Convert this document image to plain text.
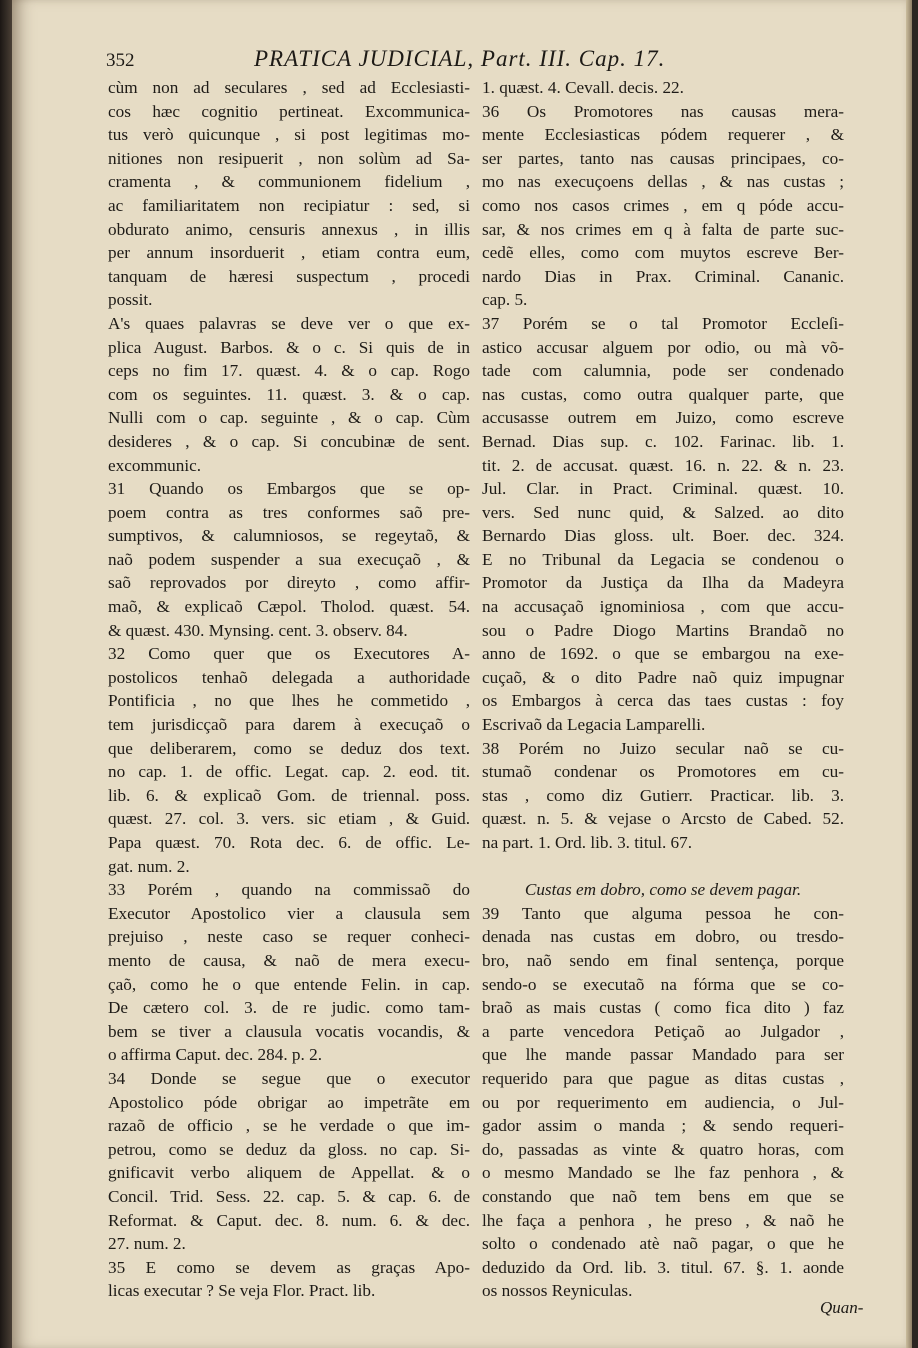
352	PRATICA JUDICIAL, Part. III. Cap. 17.
cùm non ad seculares , sed ad Ecclesiasti-
cos hæc cognitio pertineat. Excommunica-
tus verò quicunque , si post legitimas mo-
nitiones non resipuerit , non solùm ad Sa-
cramenta , & communionem fidelium ,
ac familiaritatem non recipiatur : sed, si
obdurato animo, censuris annexus , in illis
per annum insorduerit , etiam contra eum,
tanquam de hæresi suspectum , procedi
possit.
A's quaes palavras se deve ver o que ex-
plica August. Barbos. & o c. Si quis de in
ceps no fim 17. quæst. 4. & o cap. Rogo
com os seguintes. 11. quæst. 3. & o cap.
Nulli com o cap. seguinte , & o cap. Cùm
desideres , & o cap. Si concubinæ de sent.
excommunic.
31 Quando os Embargos que se op-
poem contra as tres conformes saõ pre-
sumptivos, & calumniosos, se regeytaõ, &
naõ podem suspender a sua execuçaõ , &
saõ reprovados por direyto , como affir-
maõ, & explicaõ Cæpol. Tholod. quæst. 54.
& quæst. 430. Mynsing. cent. 3. observ. 84.
32 Como quer que os Executores A-
postolicos tenhaõ delegada a authoridade
Pontificia , no que lhes he commetido ,
tem jurisdicçaõ para darem à execuçaõ o
que deliberarem, como se deduz dos text.
no cap. 1. de offic. Legat. cap. 2. eod. tit.
lib. 6. & explicaõ Gom. de triennal. poss.
quæst. 27. col. 3. vers. sic etiam , & Guid.
Papa quæst. 70. Rota dec. 6. de offic. Le-
gat. num. 2.
33 Porém , quando na commissaõ do
Executor Apostolico vier a clausula sem
prejuiso , neste caso se requer conheci-
mento de causa, & naõ de mera execu-
çaõ, como he o que entende Felin. in cap.
De cætero col. 3. de re judic. como tam-
bem se tiver a clausula vocatis vocandis, &
o affirma Caput. dec. 284. p. 2.
34 Donde se segue que o executor
Apostolico póde obrigar ao impetrãte em
razaõ de officio , se he verdade o que im-
petrou, como se deduz da gloss. no cap. Si-
gnificavit verbo aliquem de Appellat. & o
Concil. Trid. Sess. 22. cap. 5. & cap. 6. de
Reformat. & Caput. dec. 8. num. 6. & dec.
27. num. 2.
35 E como se devem as graças Apo-
licas executar ? Se veja Flor. Pract. lib.
1. quæst. 4. Cevall. decis. 22.
36 Os Promotores nas causas mera-
mente Ecclesiasticas pódem requerer , &
ser partes, tanto nas causas principaes, co-
mo nas execuçoens dellas , & nas custas ;
como nos casos crimes , em q póde accu-
sar, & nos crimes em q à falta de parte suc-
cedẽ elles, como com muytos escreve Ber-
nardo Dias in Prax. Criminal. Cananic.
cap. 5.
37 Porém se o tal Promotor Eccleſi-
astico accusar alguem por odio, ou mà võ-
tade com calumnia, pode ser condenado
nas custas, como outra qualquer parte, que
accusasse outrem em Juizo, como escreve
Bernad. Dias sup. c. 102. Farinac. lib. 1.
tit. 2. de accusat. quæst. 16. n. 22. & n. 23.
Jul. Clar. in Pract. Criminal. quæst. 10.
vers. Sed nunc quid, & Salzed. ao dito
Bernardo Dias gloss. ult. Boer. dec. 324.
E no Tribunal da Legacia se condenou o
Promotor da Justiça da Ilha da Madeyra
na accusaçaõ ignominiosa , com que accu-
sou o Padre Diogo Martins Brandaõ no
anno de 1692. o que se embargou na exe-
cuçaõ, & o dito Padre naõ quiz impugnar
os Embargos à cerca das taes custas : foy
Escrivaõ da Legacia Lamparelli.
38 Porém no Juizo secular naõ se cu-
stumaõ condenar os Promotores em cu-
stas , como diz Gutierr. Practicar. lib. 3.
quæst. n. 5. & vejase o Arcsto de Cabed. 52.
na part. 1. Ord. lib. 3. titul. 67.
Custas em dobro, como se devem pagar.
39 Tanto que alguma pessoa he con-
denada nas custas em dobro, ou tresdo-
bro, naõ sendo em final sentença, porque
sendo-o se executaõ na fórma que se co-
braõ as mais custas ( como fica dito ) faz
a parte vencedora Petiçaõ ao Julgador ,
que lhe mande passar Mandado para ser
requerido para que pague as ditas custas ,
ou por requerimento em audiencia, o Jul-
gador assim o manda ; & sendo requeri-
do, passadas as vinte & quatro horas, com
o mesmo Mandado se lhe faz penhora , &
constando que naõ tem bens em que se
lhe faça a penhora , he preso , & naõ he
solto o condenado atè naõ pagar, o que he
deduzido da Ord. lib. 3. titul. 67. §. 1. aonde
os nossos Reyniculas.
Quan-
